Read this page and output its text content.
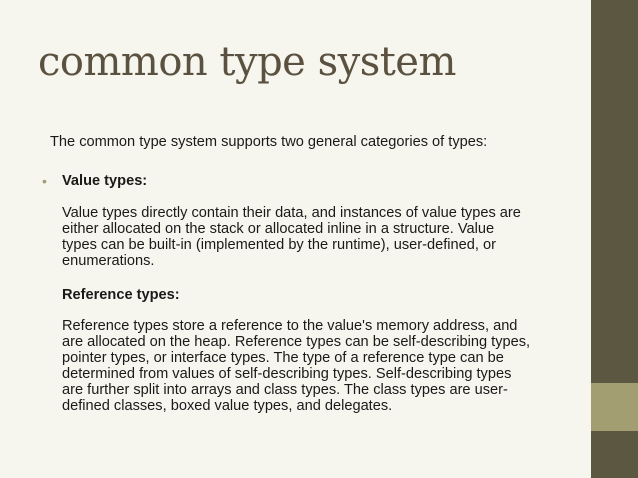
common type system

The common type system supports two general categories of types:

• Value types:
Value types directly contain their data, and instances of value types are
either allocated on the stack or allocated inline in a structure. Value
types can be built-in (implemented by the runtime), user-defined, or
enumerations.

Reference types:

Reference types store a reference to the value's memory address, and
are allocated on the heap. Reference types can be self-describing types,
pointer types, or interface types. The type of a reference type can be
determined from values of self-describing types. Self-describing types
are further split into arrays and class types. The class types are user-
defined classes, boxed value types, and delegates.
